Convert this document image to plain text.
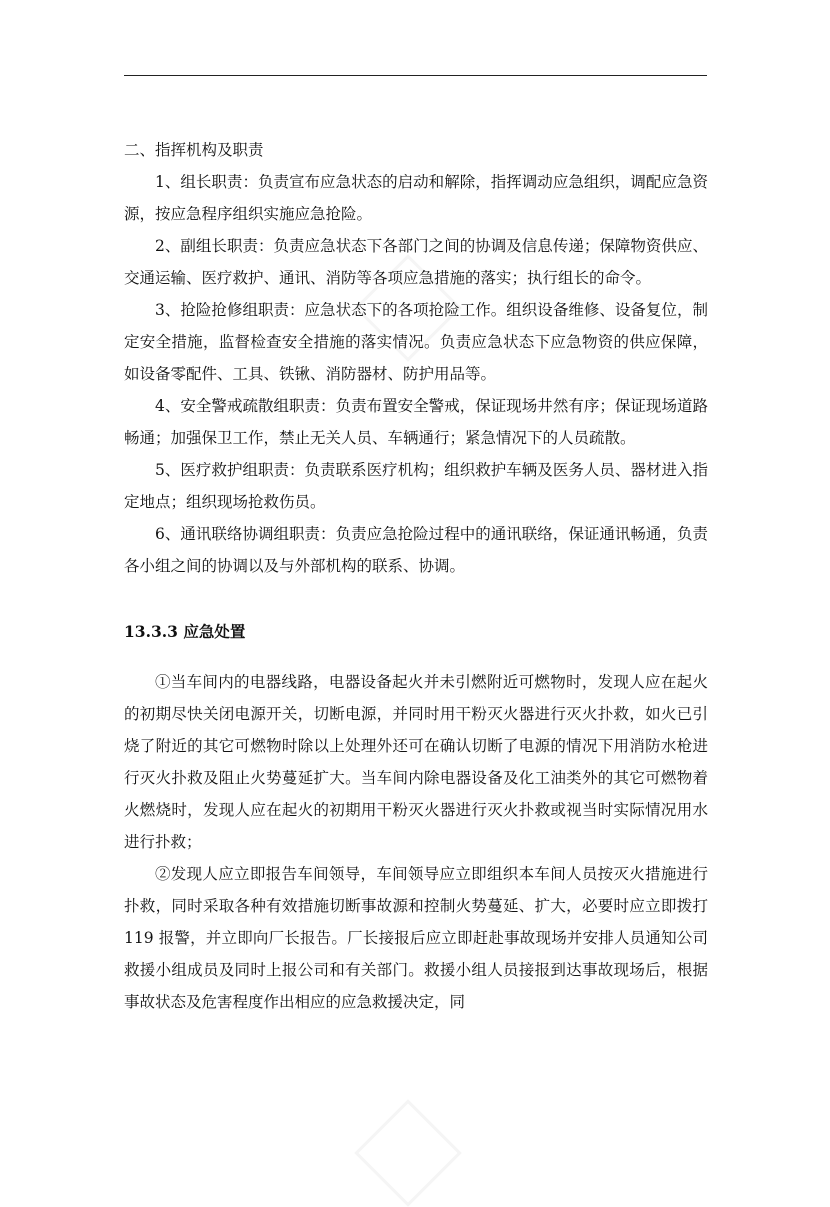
二、指挥机构及职责

1、组长职责：负责宣布应急状态的启动和解除，指挥调动应急组织，调配应急资源，按应急程序组织实施应急抢险。

2、副组长职责：负责应急状态下各部门之间的协调及信息传递；保障物资供应、交通运输、医疗救护、通讯、消防等各项应急措施的落实；执行组长的命令。

3、抢险抢修组职责：应急状态下的各项抢险工作。组织设备维修、设备复位，制定安全措施，监督检查安全措施的落实情况。负责应急状态下应急物资的供应保障，如设备零配件、工具、铁锹、消防器材、防护用品等。

4、安全警戒疏散组职责：负责布置安全警戒，保证现场井然有序；保证现场道路畅通；加强保卫工作，禁止无关人员、车辆通行；紧急情况下的人员疏散。

5、医疗救护组职责：负责联系医疗机构；组织救护车辆及医务人员、器材进入指定地点；组织现场抢救伤员。

6、通讯联络协调组职责：负责应急抢险过程中的通讯联络，保证通讯畅通，负责各小组之间的协调以及与外部机构的联系、协调。

13.3.3 应急处置

①当车间内的电器线路，电器设备起火并未引燃附近可燃物时，发现人应在起火的初期尽快关闭电源开关，切断电源，并同时用干粉灭火器进行灭火扑救，如火已引烧了附近的其它可燃物时除以上处理外还可在确认切断了电源的情况下用消防水枪进行灭火扑救及阻止火势蔓延扩大。当车间内除电器设备及化工油类外的其它可燃物着火燃烧时，发现人应在起火的初期用干粉灭火器进行灭火扑救或视当时实际情况用水进行扑救；

②发现人应立即报告车间领导，车间领导应立即组织本车间人员按灭火措施进行扑救，同时采取各种有效措施切断事故源和控制火势蔓延、扩大，必要时应立即拨打 119 报警，并立即向厂长报告。厂长接报后应立即赶赴事故现场并安排人员通知公司救援小组成员及同时上报公司和有关部门。救援小组人员接报到达事故现场后，根据事故状态及危害程度作出相应的应急救援决定，同
